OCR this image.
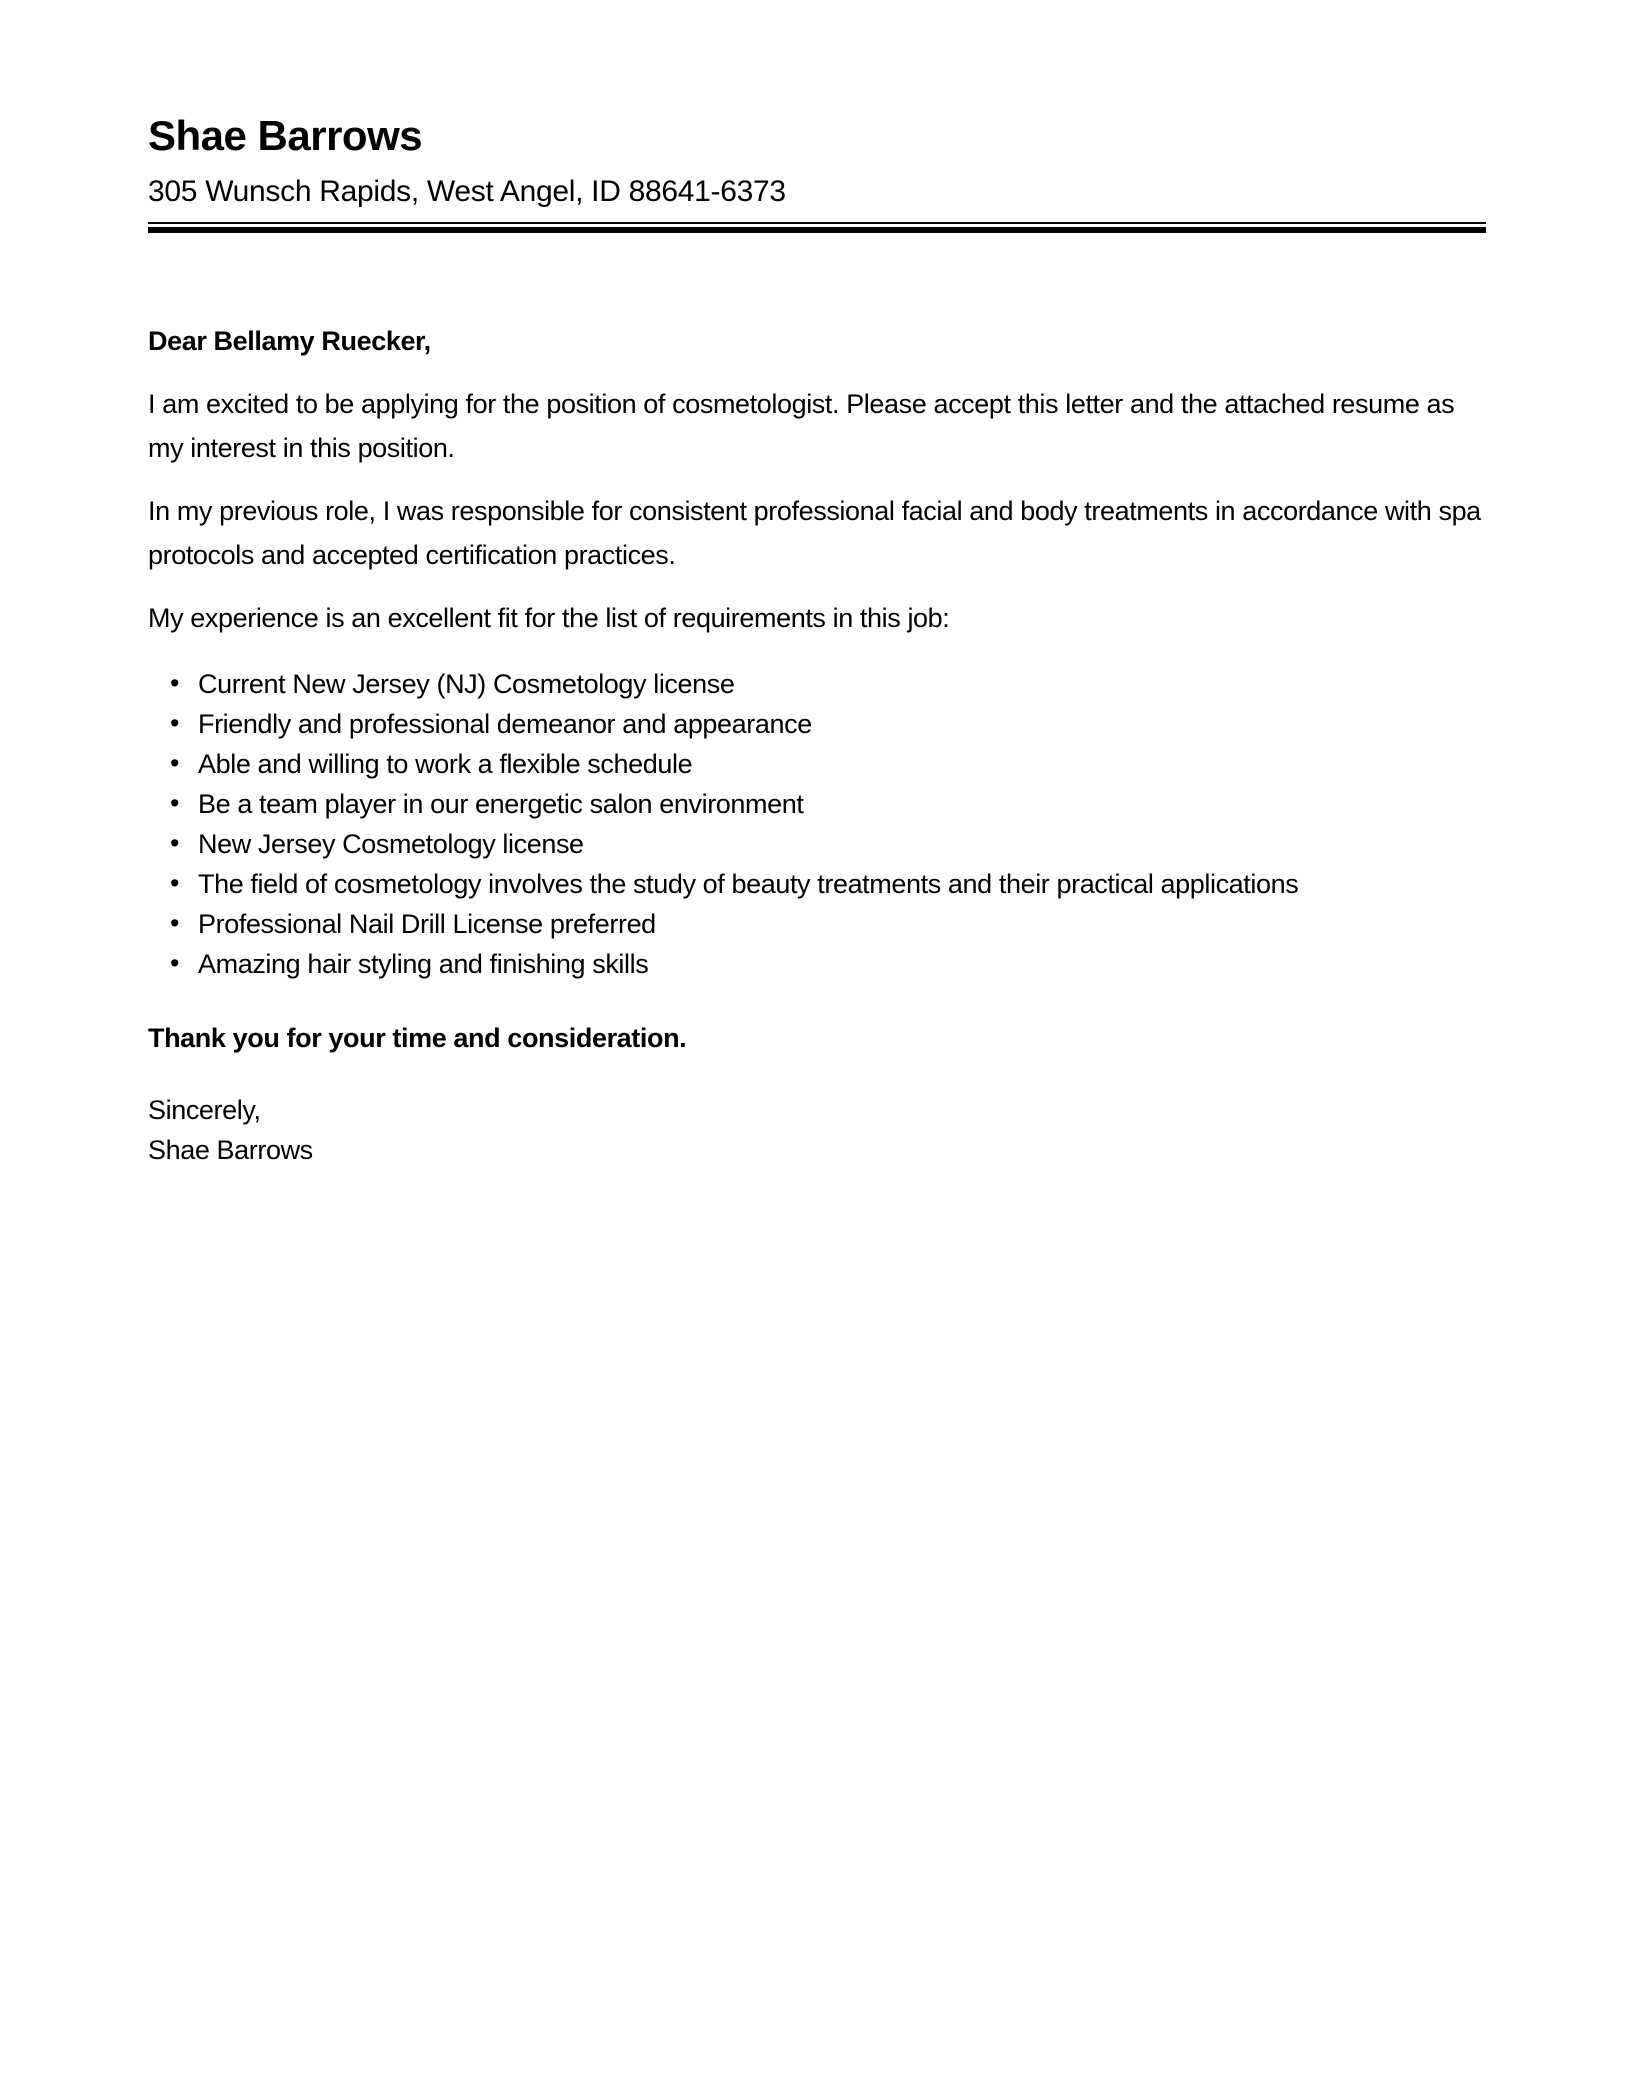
Shae Barrows

305 Wunsch Rapids, West Angel, ID 88641-6373

Dear Bellamy Ruecker,

I am excited to be applying for the position of cosmetologist. Please accept this letter and the attached resume as my interest in this position.

In my previous role, I was responsible for consistent professional facial and body treatments in accordance with spa protocols and accepted certification practices.

My experience is an excellent fit for the list of requirements in this job:

• Current New Jersey (NJ) Cosmetology license
• Friendly and professional demeanor and appearance
• Able and willing to work a flexible schedule
• Be a team player in our energetic salon environment
• New Jersey Cosmetology license
• The field of cosmetology involves the study of beauty treatments and their practical applications
• Professional Nail Drill License preferred
• Amazing hair styling and finishing skills

Thank you for your time and consideration.

Sincerely,

Shae Barrows
